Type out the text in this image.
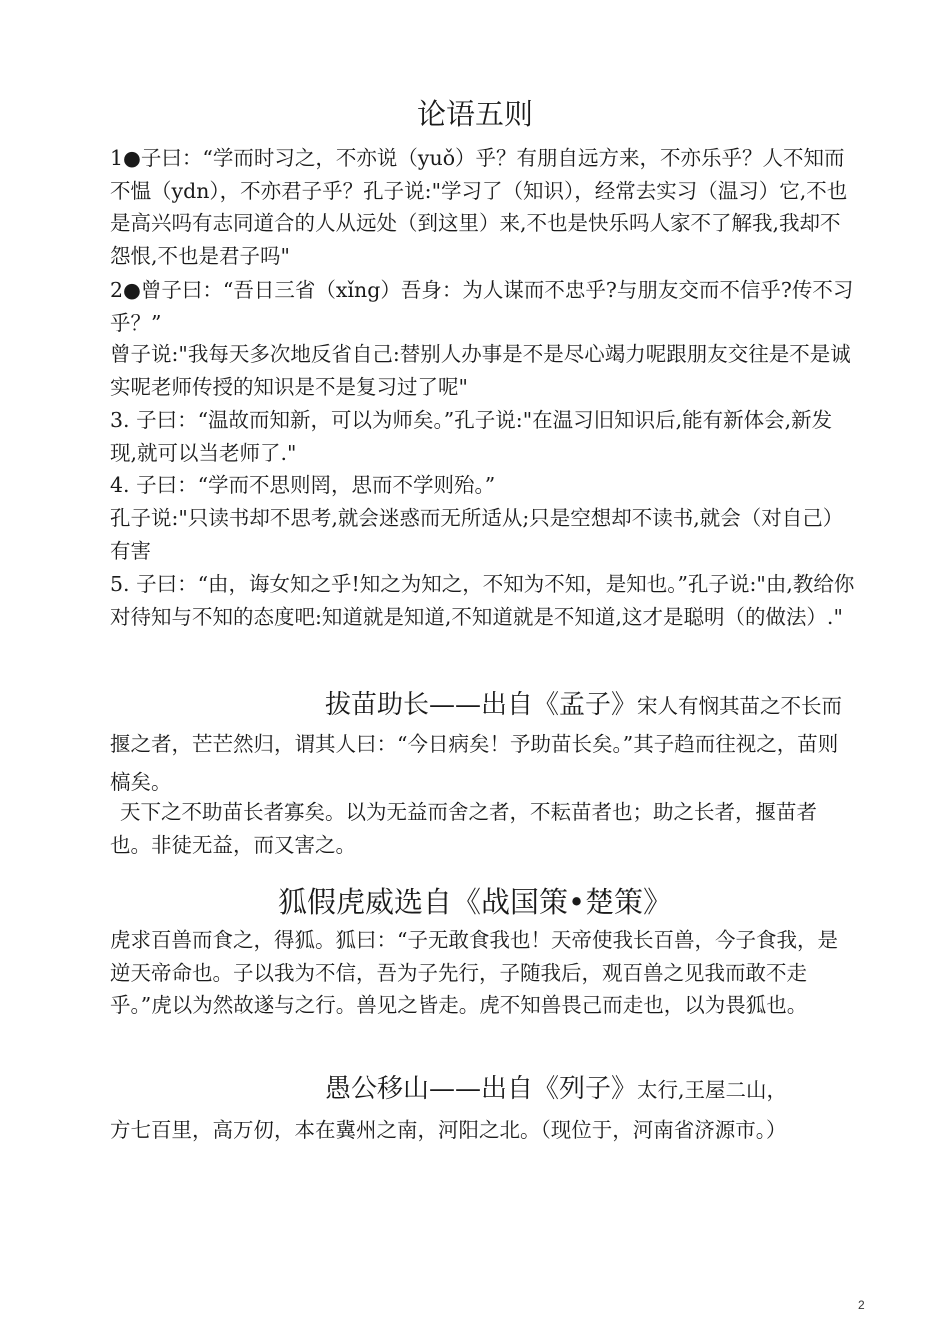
论语五则
1●子曰：“学而时习之，不亦说（yuǒ）乎？有朋自远方来，不亦乐乎？人不知而不愠（ydn），不亦君子乎？孔子说:"学习了（知识），经常去实习（温习）它,不也是高兴吗有志同道合的人从远处（到这里）来,不也是快乐吗人家不了解我,我却不怨恨,不也是君子吗"
2●曾子曰：“吾日三省（xǐng）吾身：为人谋而不忠乎?与朋友交而不信乎?传不习乎？”
曾子说:"我每天多次地反省自己:替别人办事是不是尽心竭力呢跟朋友交往是不是诚实呢老师传授的知识是不是复习过了呢"
3. 子曰：“温故而知新，可以为师矣。”孔子说:"在温习旧知识后,能有新体会,新发现,就可以当老师了."
4. 子曰：“学而不思则罔，思而不学则殆。”
孔子说:"只读书却不思考,就会迷惑而无所适从;只是空想却不读书,就会（对自己）有害
5. 子曰：“由，诲女知之乎!知之为知之，不知为不知，是知也。”孔子说:"由,教给你对待知与不知的态度吧:知道就是知道,不知道就是不知道,这才是聪明（的做法）."
拔苗助长——出自《孟子》宋人有悯其苗之不长而揠之者，芒芒然归，谓其人曰：“今日病矣！予助苗长矣。”其子趋而往视之，苗则槁矣。
天下之不助苗长者寡矣。以为无益而舍之者，不耘苗者也；助之长者，揠苗者也。非徒无益，而又害之。
狐假虎威选自《战国策•楚策》
虎求百兽而食之，得狐。狐曰：“子无敢食我也！天帝使我长百兽，今子食我，是逆天帝命也。子以我为不信，吾为子先行，子随我后，观百兽之见我而敢不走乎。”虎以为然故遂与之行。兽见之皆走。虎不知兽畏己而走也，以为畏狐也。
愚公移山——出自《列子》太行,王屋二山，
方七百里，高万仞，本在冀州之南，河阳之北。（现位于，河南省济源市。）
2
